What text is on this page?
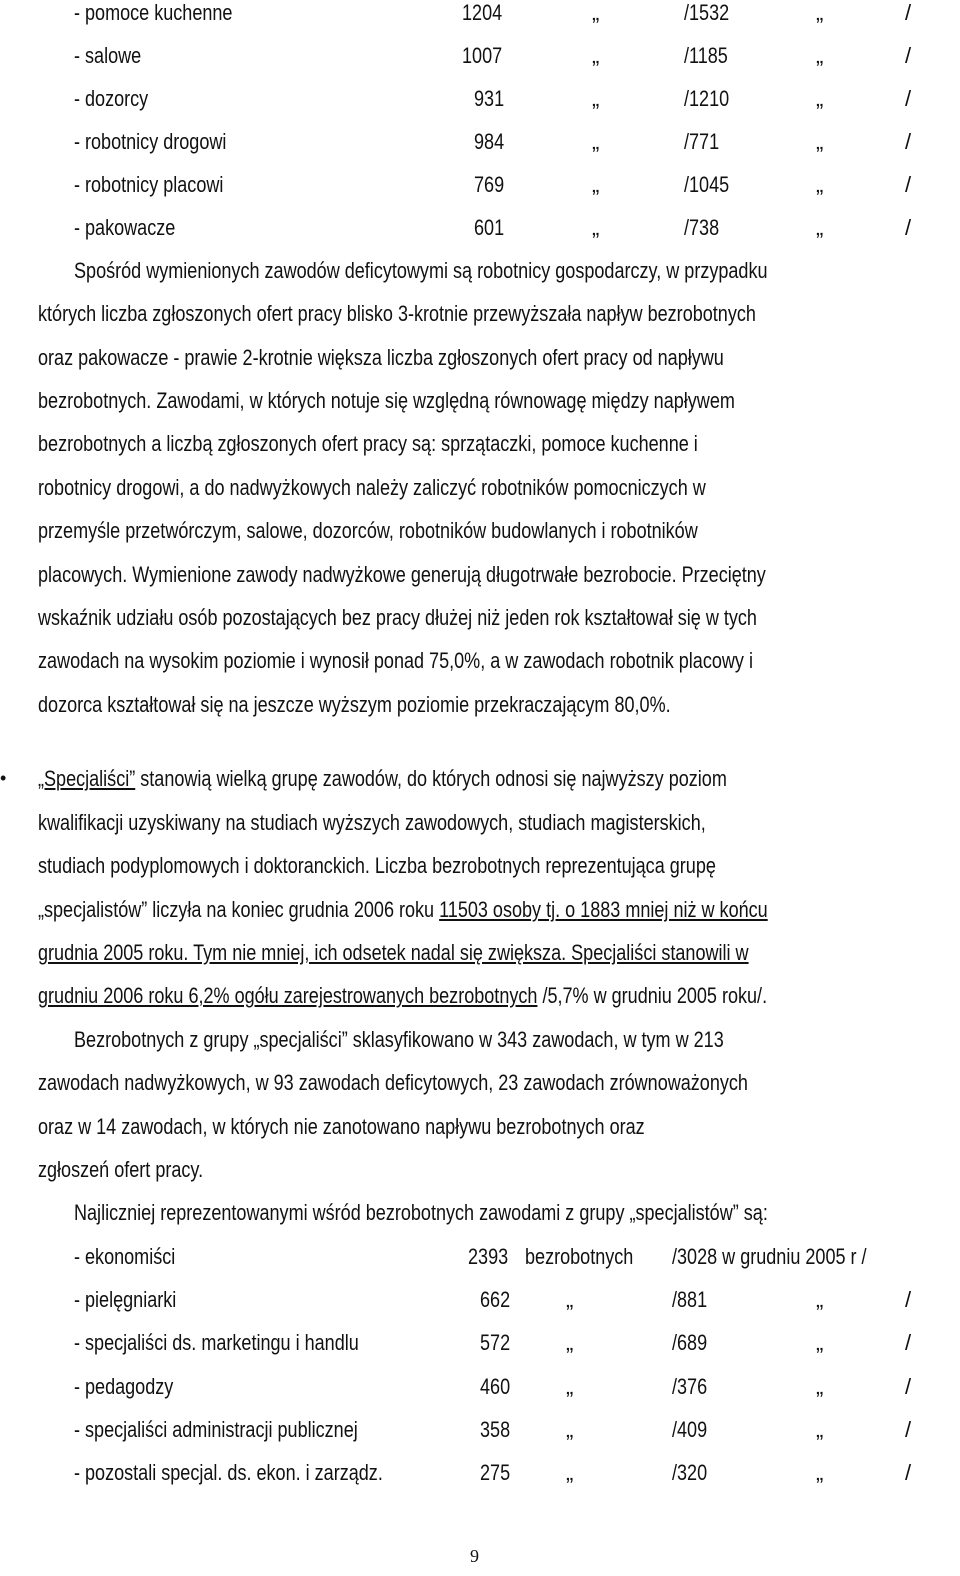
- pomoce kuchenne	1204	„	/1532	„	/
- salowe	1007	„	/1185	„	/
- dozorcy	931	„	/1210	„	/
- robotnicy drogowi	984	„	/771	„	/
- robotnicy placowi	769	„	/1045	„	/
- pakowacze	601	„	/738	„	/
Spośród wymienionych zawodów deficytowymi są robotnicy gospodarczy, w przypadku
których liczba zgłoszonych ofert pracy blisko 3-krotnie przewyższała napływ bezrobotnych
oraz pakowacze - prawie 2-krotnie większa liczba zgłoszonych ofert pracy od napływu
bezrobotnych. Zawodami, w których notuje się względną równowagę między napływem
bezrobotnych a liczbą zgłoszonych ofert pracy są: sprzątaczki, pomoce kuchenne i
robotnicy drogowi, a do nadwyżkowych należy zaliczyć robotników pomocniczych w
przemyśle przetwórczym, salowe, dozorców, robotników budowlanych i robotników
placowych. Wymienione zawody nadwyżkowe generują długotrwałe bezrobocie. Przeciętny
wskaźnik udziału osób pozostających bez pracy dłużej niż jeden rok kształtował się w tych
zawodach na wysokim poziomie i wynosił ponad 75,0%, a w zawodach robotnik placowy i
dozorca kształtował się na jeszcze wyższym poziomie przekraczającym 80,0%.
• „Specjaliści” stanowią wielką grupę zawodów, do których odnosi się najwyższy poziom
kwalifikacji uzyskiwany na studiach wyższych zawodowych, studiach magisterskich,
studiach podyplomowych i doktoranckich. Liczba bezrobotnych reprezentująca grupę
„specjalistów” liczyła na koniec grudnia 2006 roku 11503 osoby tj. o 1883 mniej niż w końcu
grudnia 2005 roku. Tym nie mniej, ich odsetek nadal się zwiększa. Specjaliści stanowili w
grudniu 2006 roku 6,2% ogółu zarejestrowanych bezrobotnych /5,7% w grudniu 2005 roku/.
Bezrobotnych z grupy „specjaliści” sklasyfikowano w 343 zawodach, w tym w 213
zawodach nadwyżkowych, w 93 zawodach deficytowych, 23 zawodach zrównoważonych
oraz w 14 zawodach, w których nie zanotowano napływu bezrobotnych oraz
zgłoszeń ofert pracy.
Najliczniej reprezentowanymi wśród bezrobotnych zawodami z grupy „specjalistów” są:
- ekonomiści	2393 bezrobotnych /3028 w grudniu 2005 r /
- pielęgniarki	662	„	/881	„	/
- specjaliści ds. marketingu i handlu	572	„	/689	„	/
- pedagodzy	460	„	/376	„	/
- specjaliści administracji publicznej	358	„	/409	„	/
- pozostali specjal. ds. ekon. i zarządz.	275	„	/320	„	/
9
